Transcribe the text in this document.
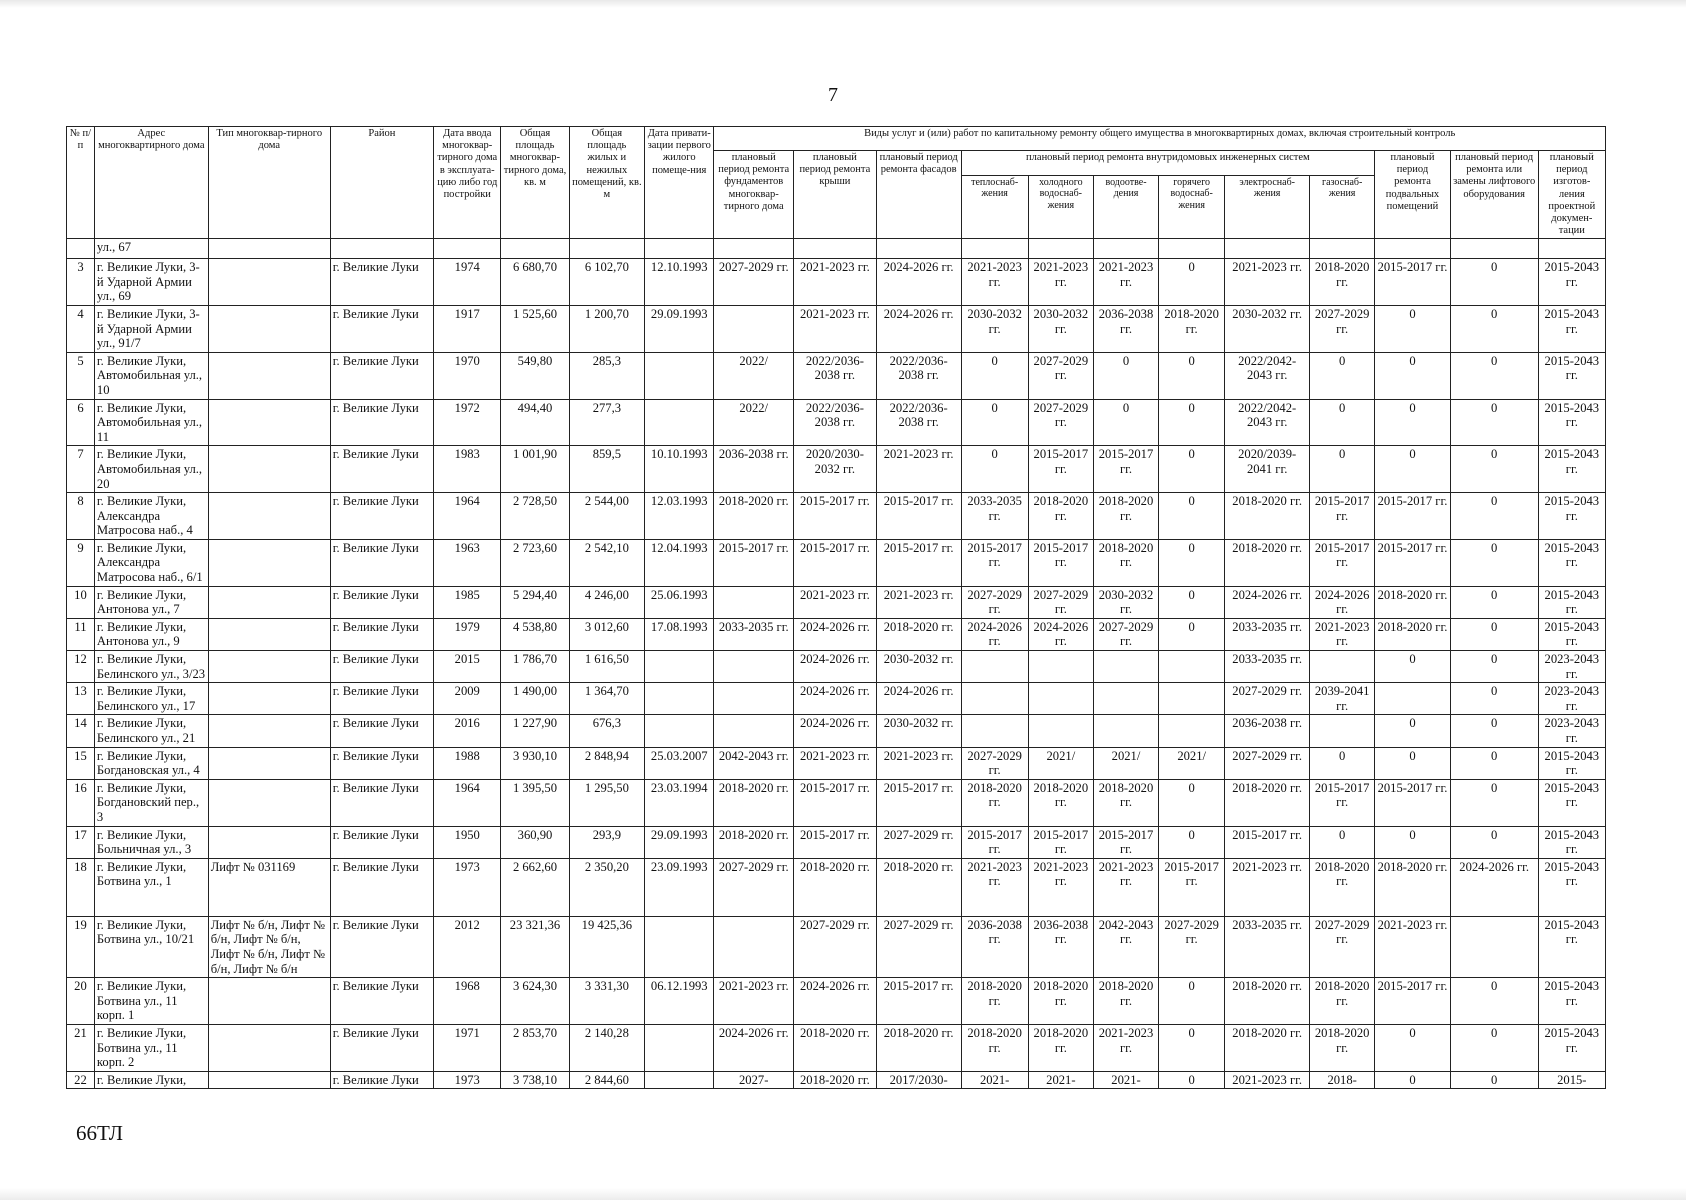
7
№ п/п	Адрес многоквартирного дома	Тип многоквар-тирного дома	Район	Дата ввода многоквар-тирного дома в эксплуата-цию либо год постройки	Общая площадь многоквар-тирного дома, кв. м	Общая площадь жилых и нежилых помещений, кв. м	Дата привати-зации первого жилого помеще-ния	Виды услуг и (или) работ по капитальному ремонту общего имущества в многоквартирных домах, включая строительный контроль											
								плановый период ремонта фундаментов многоквар-тирного дома	плановый период ремонта крыши	плановый период ремонта фасадов	плановый период ремонта внутридомовых инженерных систем						плановый период ремонта подвальных помещений	плановый период ремонта или замены лифтового оборудования	плановый период изготов-ления проектной докумен-тации
											теплоснаб-жения	холодного водоснаб-жения	водоотве-дения	горячего водоснаб-жения	электроснаб-жения	газоснаб-жения			
	ул., 67																		
3	г. Великие Луки, 3-й Ударной Армии ул., 69		г. Великие Луки	1974	6 680,70	6 102,70	12.10.1993	2027-2029 гг.	2021-2023 гг.	2024-2026 гг.	2021-2023 гг.	2021-2023 гг.	2021-2023 гг.	0	2021-2023 гг.	2018-2020 гг.	2015-2017 гг.	0	2015-2043 гг.
4	г. Великие Луки, 3-й Ударной Армии ул., 91/7		г. Великие Луки	1917	1 525,60	1 200,70	29.09.1993		2021-2023 гг.	2024-2026 гг.	2030-2032 гг.	2030-2032 гг.	2036-2038 гг.	2018-2020 гг.	2030-2032 гг.	2027-2029 гг.	0	0	2015-2043 гг.
5	г. Великие Луки, Автомобильная ул., 10		г. Великие Луки	1970	549,80	285,3		2022/	2022/2036-2038 гг.	2022/2036-2038 гг.	0	2027-2029 гг.	0	0	2022/2042-2043 гг.	0	0	0	2015-2043 гг.
6	г. Великие Луки, Автомобильная ул., 11		г. Великие Луки	1972	494,40	277,3		2022/	2022/2036-2038 гг.	2022/2036-2038 гг.	0	2027-2029 гг.	0	0	2022/2042-2043 гг.	0	0	0	2015-2043 гг.
7	г. Великие Луки, Автомобильная ул., 20		г. Великие Луки	1983	1 001,90	859,5	10.10.1993	2036-2038 гг.	2020/2030-2032 гг.	2021-2023 гг.	0	2015-2017 гг.	2015-2017 гг.	0	2020/2039-2041 гг.	0	0	0	2015-2043 гг.
8	г. Великие Луки, Александра Матросова наб., 4		г. Великие Луки	1964	2 728,50	2 544,00	12.03.1993	2018-2020 гг.	2015-2017 гг.	2015-2017 гг.	2033-2035 гг.	2018-2020 гг.	2018-2020 гг.	0	2018-2020 гг.	2015-2017 гг.	2015-2017 гг.	0	2015-2043 гг.
9	г. Великие Луки, Александра Матросова наб., 6/1		г. Великие Луки	1963	2 723,60	2 542,10	12.04.1993	2015-2017 гг.	2015-2017 гг.	2015-2017 гг.	2015-2017 гг.	2015-2017 гг.	2018-2020 гг.	0	2018-2020 гг.	2015-2017 гг.	2015-2017 гг.	0	2015-2043 гг.
10	г. Великие Луки, Антонова ул., 7		г. Великие Луки	1985	5 294,40	4 246,00	25.06.1993		2021-2023 гг.	2021-2023 гг.	2027-2029 гг.	2027-2029 гг.	2030-2032 гг.	0	2024-2026 гг.	2024-2026 гг.	2018-2020 гг.	0	2015-2043 гг.
11	г. Великие Луки, Антонова ул., 9		г. Великие Луки	1979	4 538,80	3 012,60	17.08.1993	2033-2035 гг.	2024-2026 гг.	2018-2020 гг.	2024-2026 гг.	2024-2026 гг.	2027-2029 гг.	0	2033-2035 гг.	2021-2023 гг.	2018-2020 гг.	0	2015-2043 гг.
12	г. Великие Луки, Белинского ул., 3/23		г. Великие Луки	2015	1 786,70	1 616,50			2024-2026 гг.	2030-2032 гг.					2033-2035 гг.		0	0	2023-2043 гг.
13	г. Великие Луки, Белинского ул., 17		г. Великие Луки	2009	1 490,00	1 364,70			2024-2026 гг.	2024-2026 гг.					2027-2029 гг.	2039-2041 гг.		0	2023-2043 гг.
14	г. Великие Луки, Белинского ул., 21		г. Великие Луки	2016	1 227,90	676,3			2024-2026 гг.	2030-2032 гг.					2036-2038 гг.		0	0	2023-2043 гг.
15	г. Великие Луки, Богдановская ул., 4		г. Великие Луки	1988	3 930,10	2 848,94	25.03.2007	2042-2043 гг.	2021-2023 гг.	2021-2023 гг.	2027-2029 гг.	2021/	2021/	2021/	2027-2029 гг.	0	0	0	2015-2043 гг.
16	г. Великие Луки, Богдановский пер., 3		г. Великие Луки	1964	1 395,50	1 295,50	23.03.1994	2018-2020 гг.	2015-2017 гг.	2015-2017 гг.	2018-2020 гг.	2018-2020 гг.	2018-2020 гг.	0	2018-2020 гг.	2015-2017 гг.	2015-2017 гг.	0	2015-2043 гг.
17	г. Великие Луки, Больничная ул., 3		г. Великие Луки	1950	360,90	293,9	29.09.1993	2018-2020 гг.	2015-2017 гг.	2027-2029 гг.	2015-2017 гг.	2015-2017 гг.	2015-2017 гг.	0	2015-2017 гг.	0	0	0	2015-2043 гг.
18	г. Великие Луки, Ботвина ул., 1	Лифт № 031169	г. Великие Луки	1973	2 662,60	2 350,20	23.09.1993	2027-2029 гг.	2018-2020 гг.	2018-2020 гг.	2021-2023 гг.	2021-2023 гг.	2021-2023 гг.	2015-2017 гг.	2021-2023 гг.	2018-2020 гг.	2018-2020 гг.	2024-2026 гг.	2015-2043 гг.
19	г. Великие Луки, Ботвина ул., 10/21	Лифт № б/н, Лифт № б/н, Лифт № б/н, Лифт № б/н, Лифт № б/н, Лифт № б/н	г. Великие Луки	2012	23 321,36	19 425,36			2027-2029 гг.	2027-2029 гг.	2036-2038 гг.	2036-2038 гг.	2042-2043 гг.	2027-2029 гг.	2033-2035 гг.	2027-2029 гг.	2021-2023 гг.		2015-2043 гг.
20	г. Великие Луки, Ботвина ул., 11 корп. 1		г. Великие Луки	1968	3 624,30	3 331,30	06.12.1993	2021-2023 гг.	2024-2026 гг.	2015-2017 гг.	2018-2020 гг.	2018-2020 гг.	2018-2020 гг.	0	2018-2020 гг.	2018-2020 гг.	2015-2017 гг.	0	2015-2043 гг.
21	г. Великие Луки, Ботвина ул., 11 корп. 2		г. Великие Луки	1971	2 853,70	2 140,28		2024-2026 гг.	2018-2020 гг.	2018-2020 гг.	2018-2020 гг.	2018-2020 гг.	2021-2023 гг.	0	2018-2020 гг.	2018-2020 гг.	0	0	2015-2043 гг.
22	г. Великие Луки,		г. Великие Луки	1973	3 738,10	2 844,60		2027-	2018-2020 гг.	2017/2030-	2021-	2021-	2021-	0	2021-2023 гг.	2018-	0	0	2015-
66ТЛ
